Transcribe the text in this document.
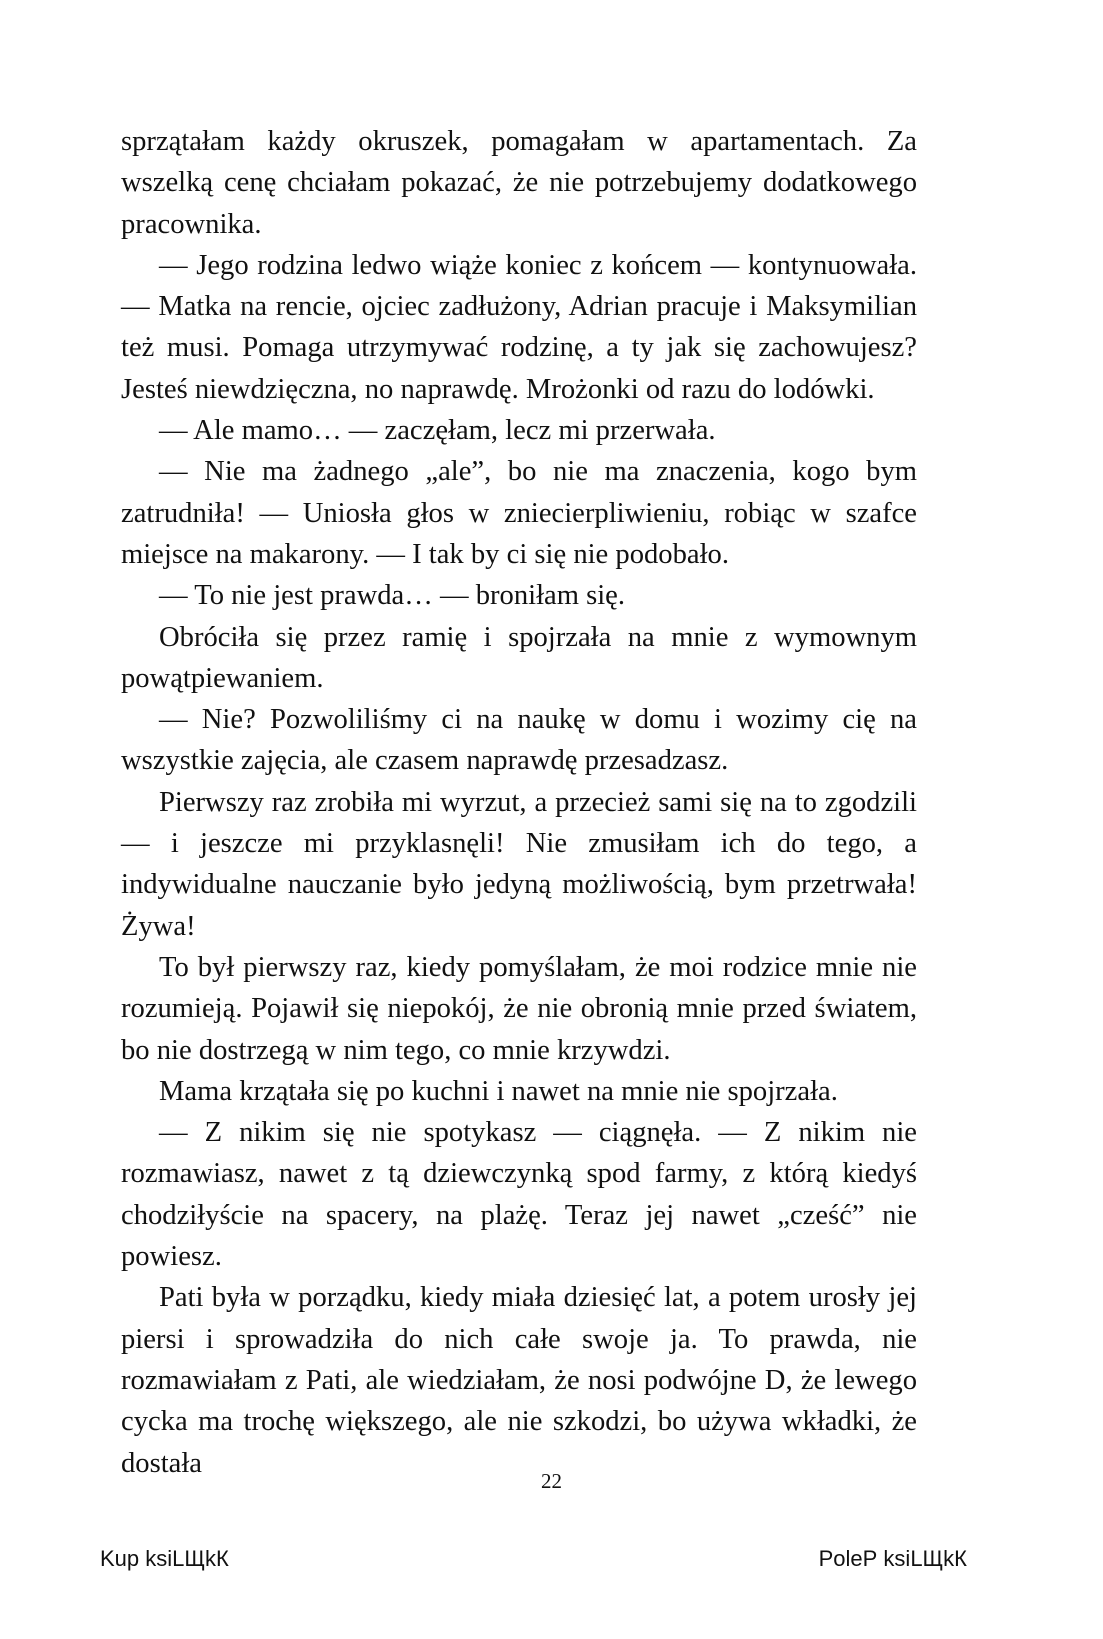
sprzątałam każdy okruszek, pomagałam w apartamentach. Za wszelką cenę chciałam pokazać, że nie potrzebujemy dodatkowego pracownika.

— Jego rodzina ledwo wiąże koniec z końcem — kontynuowała. — Matka na rencie, ojciec zadłużony, Adrian pracuje i Maksymilian też musi. Pomaga utrzymywać rodzinę, a ty jak się zachowujesz? Jesteś niewdzięczna, no naprawdę. Mrożonki od razu do lodówki.

— Ale mamo… — zaczęłam, lecz mi przerwała.

— Nie ma żadnego „ale”, bo nie ma znaczenia, kogo bym zatrudniła! — Uniosła głos w zniecierpliwieniu, robiąc w szafce miejsce na makarony. — I tak by ci się nie podobało.

— To nie jest prawda… — broniłam się.

Obróciła się przez ramię i spojrzała na mnie z wymownym powątpiewaniem.

— Nie? Pozwoliliśmy ci na naukę w domu i wozimy cię na wszystkie zajęcia, ale czasem naprawdę przesadzasz.

Pierwszy raz zrobiła mi wyrzut, a przecież sami się na to zgodzili — i jeszcze mi przyklasnęli! Nie zmusiłam ich do tego, a indywidualne nauczanie było jedyną możliwością, bym przetrwała! Żywa!

To był pierwszy raz, kiedy pomyślałam, że moi rodzice mnie nie rozumieją. Pojawił się niepokój, że nie obronią mnie przed światem, bo nie dostrzegą w nim tego, co mnie krzywdzi.

Mama krzątała się po kuchni i nawet na mnie nie spojrzała.

— Z nikim się nie spotykasz — ciągnęła. — Z nikim nie rozmawiasz, nawet z tą dziewczynką spod farmy, z którą kiedyś chodziłyście na spacery, na plażę. Teraz jej nawet „cześć” nie powiesz.

Pati była w porządku, kiedy miała dziesięć lat, a potem urosły jej piersi i sprowadziła do nich całe swoje ja. To prawda, nie rozmawiałam z Pati, ale wiedziałam, że nosi podwójne D, że lewego cycka ma trochę większego, ale nie szkodzi, bo używa wkładki, że dostała

22
Kup ksiLЩkК	PoleР ksiLЩkК
